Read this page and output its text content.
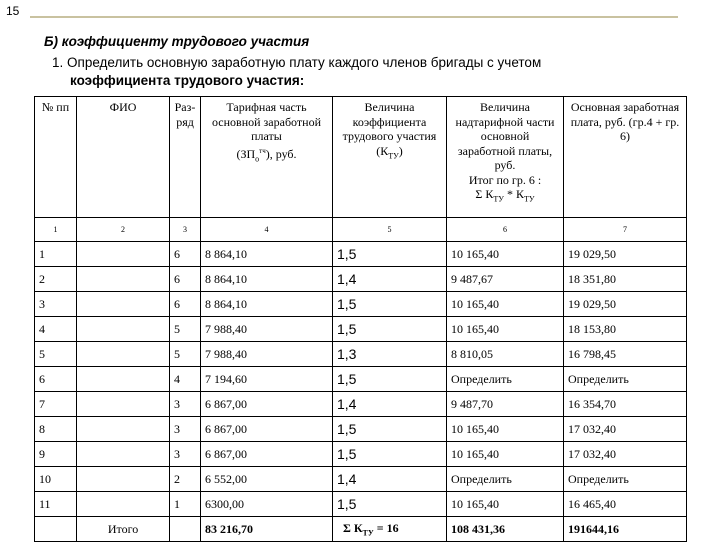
15
Б) коэффициенту трудового участия
1. Определить основную заработную плату каждого членов бригады с учетом
коэффициента трудового участия:
№ пп	ФИО	Раз-ряд	Тарифная часть основной заработной платы
$(ЗП_о^{тч})$, руб.	Величина коэффициента трудового участия $(К_{ТУ})$	Величина надтарифной части основной заработной платы, руб.
Итог по гр. 6 :
Σ $К_{ТУ} * К_{ТУ}$	Основная заработная плата, руб. (гр.4 + гр. 6)
1	2	3	4	5	6	7
1		6	8 864,10	1,5	10 165,40	19 029,50
2		6	8 864,10	1,4	9 487,67	18 351,80
3		6	8 864,10	1,5	10 165,40	19 029,50
4		5	7 988,40	1,5	10 165,40	18 153,80
5		5	7 988,40	1,3	8 810,05	16 798,45
6		4	7 194,60	1,5	Определить	Определить
7		3	6 867,00	1,4	9 487,70	16 354,70
8		3	6 867,00	1,5	10 165,40	17 032,40
9		3	6 867,00	1,5	10 165,40	17 032,40
10		2	6 552,00	1,4	Определить	Определить
11		1	6300,00	1,5	10 165,40	16 465,40
	Итого		83 216,70	Σ $К_{ТУ} = 16$	108 431,36	191644,16
